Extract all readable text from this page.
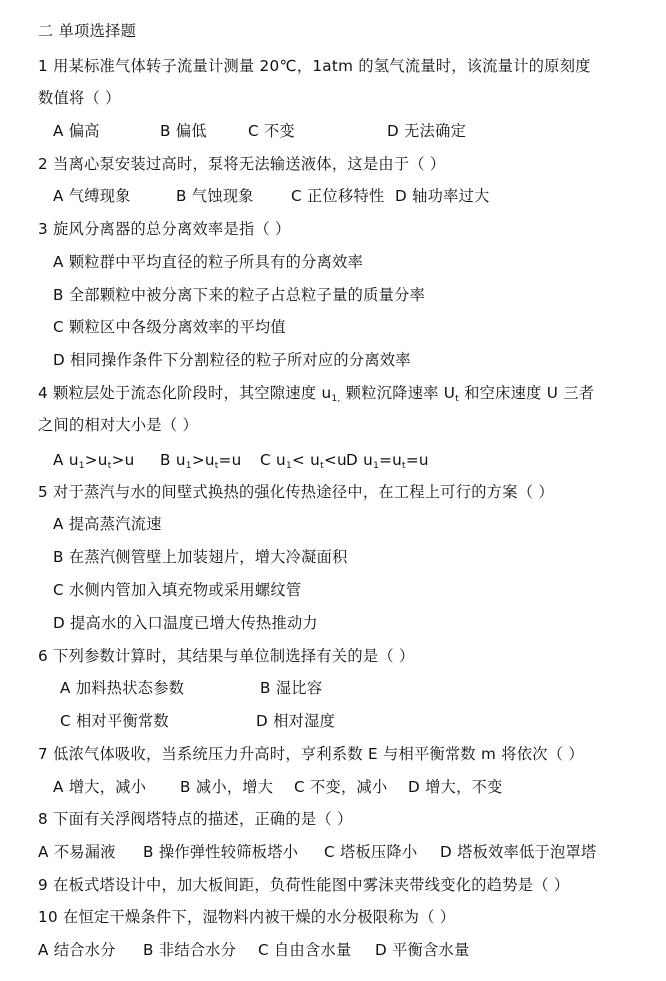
二 单项选择题
1 用某标准气体转子流量计测量 20℃，1atm 的氢气流量时，该流量计的原刻度
数值将（ ）
A 偏高	B 偏低	C 不变	D 无法确定
2 当离心泵安装过高时，泵将无法输送液体，这是由于（ ）
A 气缚现象	B 气蚀现象 C 正位移特性 D 轴功率过大
3 旋风分离器的总分离效率是指（ ）
A 颗粒群中平均直径的粒子所具有的分离效率
B 全部颗粒中被分离下来的粒子占总粒子量的质量分率
C 颗粒区中各级分离效率的平均值
D 相同操作条件下分割粒径的粒子所对应的分离效率
4 颗粒层处于流态化阶段时，其空隙速度 $u_{1,}$ 颗粒沉降速率 $U_t$ 和空床速度 U 三者
之间的相对大小是（ ）
A $u_1>u_t>u$ B $u_1>u_t=u$ C $u_1< u_t<u$ D $u_1=u_t=u$
5 对于蒸汽与水的间壁式换热的强化传热途径中，在工程上可行的方案（ ）
A 提高蒸汽流速
B 在蒸汽侧管壁上加装翅片，增大冷凝面积
C 水侧内管加入填充物或采用螺纹管
D 提高水的入口温度已增大传热推动力
6 下列参数计算时，其结果与单位制选择有关的是（ ）
A 加料热状态参数	B 湿比容
C 相对平衡常数	D 相对湿度
7 低浓气体吸收，当系统压力升高时，亨利系数 E 与相平衡常数 m 将依次（ ）
A 增大，减小 B 减小，增大 C 不变，减小 D 增大，不变
8 下面有关浮阀塔特点的描述，正确的是（ ）
A 不易漏液 B 操作弹性较筛板塔小 C 塔板压降小 D 塔板效率低于泡罩塔
9 在板式塔设计中，加大板间距，负荷性能图中雾沫夹带线变化的趋势是（ ）
10 在恒定干燥条件下，湿物料内被干燥的水分极限称为（ ）
A 结合水分 B 非结合水分 C 自由含水量 D 平衡含水量
